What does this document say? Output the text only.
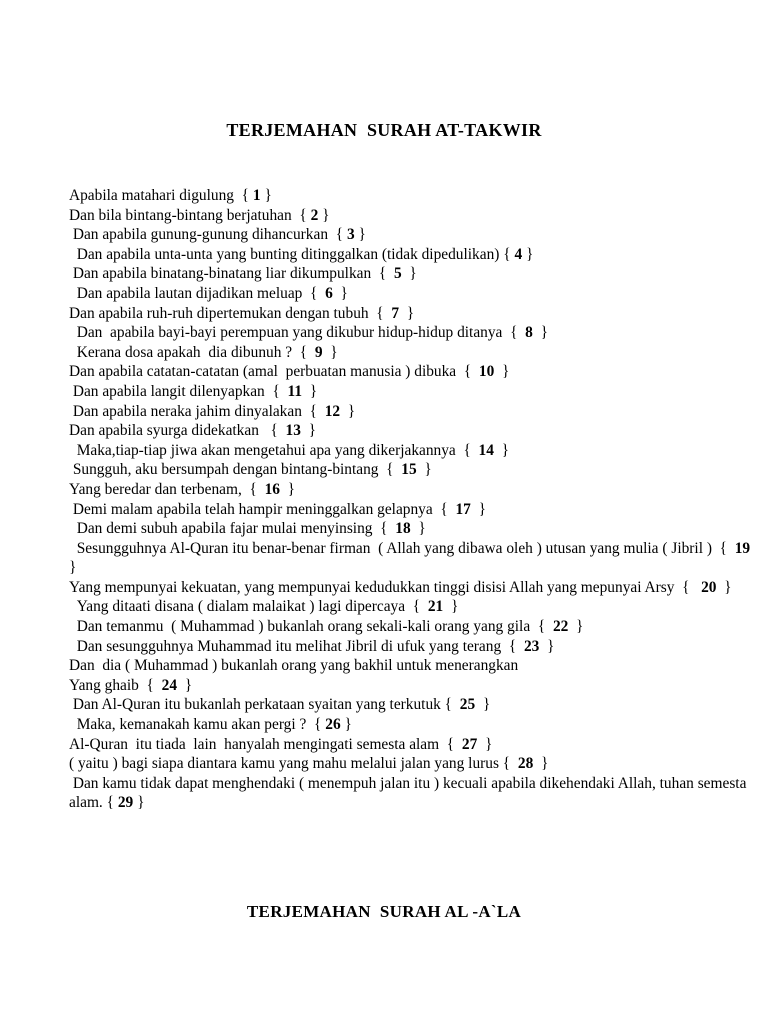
TERJEMAHAN  SURAH AT-TAKWIR
Apabila matahari digulung  { 1 }
Dan bila bintang-bintang berjatuhan  { 2 }
Dan apabila gunung-gunung dihancurkan  { 3 }
Dan apabila unta-unta yang bunting ditinggalkan (tidak dipedulikan) { 4 }
Dan apabila binatang-binatang liar dikumpulkan  {  5  }
Dan apabila lautan dijadikan meluap  {  6  }
Dan apabila ruh-ruh dipertemukan dengan tubuh  {  7  }
Dan  apabila bayi-bayi perempuan yang dikubur hidup-hidup ditanya  {  8  }
Kerana dosa apakah  dia dibunuh ?  {  9  }
Dan apabila catatan-catatan (amal  perbuatan manusia ) dibuka  {  10  }
Dan apabila langit dilenyapkan  {  11  }
Dan apabila neraka jahim dinyalakan  {  12  }
Dan apabila syurga didekatkan   {  13  }
Maka,tiap-tiap jiwa akan mengetahui apa yang dikerjakannya  {  14  }
Sungguh, aku bersumpah dengan bintang-bintang  {  15  }
Yang beredar dan terbenam,  {  16  }
Demi malam apabila telah hampir meninggalkan gelapnya  {  17  }
Dan demi subuh apabila fajar mulai menyinsing  {  18  }
Sesungguhnya Al-Quran itu benar-benar firman  ( Allah yang dibawa oleh ) utusan yang mulia ( Jibril )  {  19  }
Yang mempunyai kekuatan, yang mempunyai kedudukkan tinggi disisi Allah yang mepunyai Arsy  {   20  }
Yang ditaati disana ( dialam malaikat ) lagi dipercaya  {  21  }
Dan temanmu  ( Muhammad ) bukanlah orang sekali-kali orang yang gila  {  22  }
Dan sesungguhnya Muhammad itu melihat Jibril di ufuk yang terang  {  23  }
Dan  dia ( Muhammad ) bukanlah orang yang bakhil untuk menerangkan
Yang ghaib  {  24  }
Dan Al-Quran itu bukanlah perkataan syaitan yang terkutuk {  25  }
Maka, kemanakah kamu akan pergi ?  { 26 }
Al-Quran  itu tiada  lain  hanyalah mengingati semesta alam  {  27  }
( yaitu ) bagi siapa diantara kamu yang mahu melalui jalan yang lurus {  28  }
Dan kamu tidak dapat menghendaki ( menempuh jalan itu ) kecuali apabila dikehendaki Allah, tuhan semesta alam. { 29 }
TERJEMAHAN  SURAH AL -A`LA
